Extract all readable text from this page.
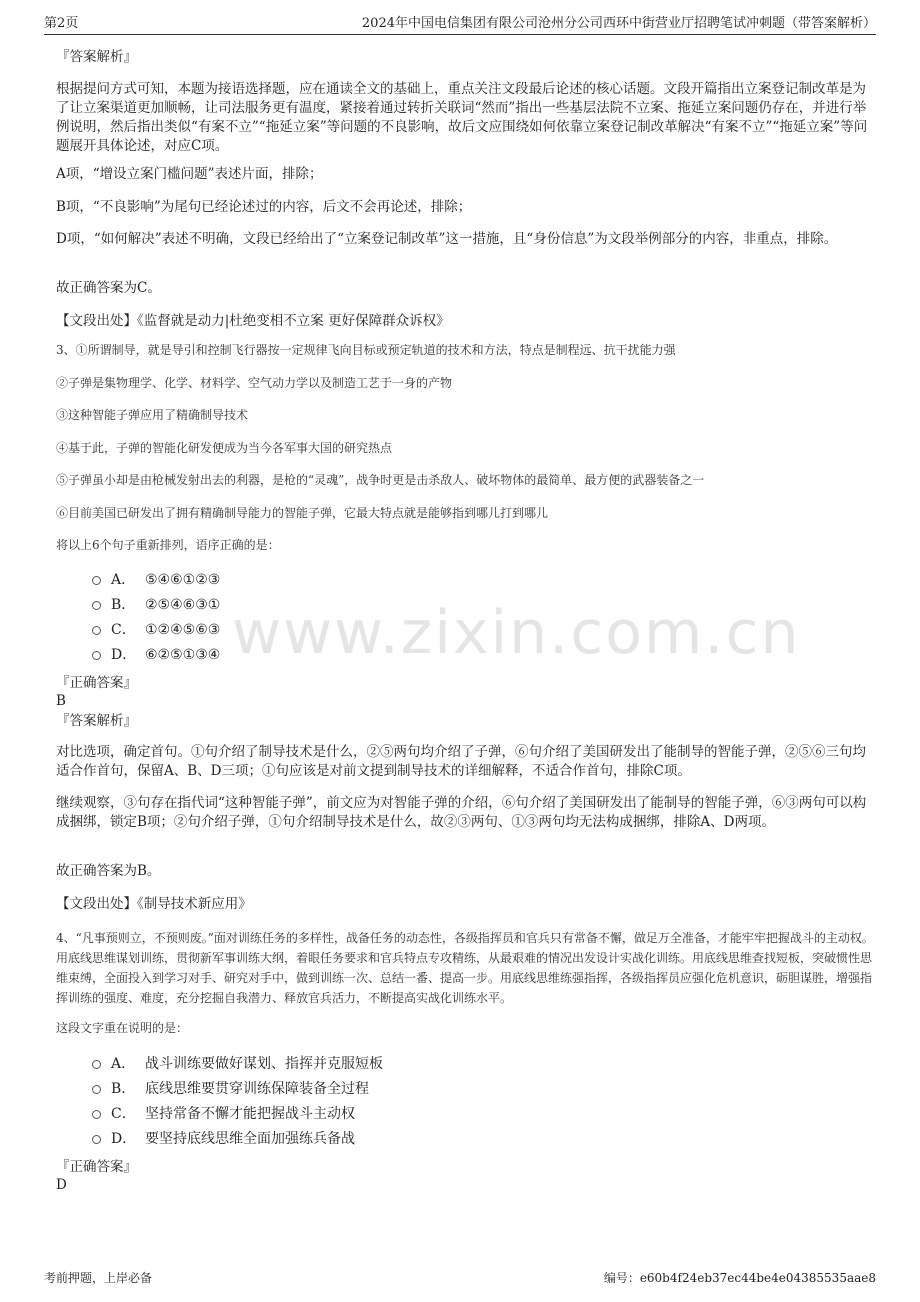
第2页	2024年中国电信集团有限公司沧州分公司西环中街营业厅招聘笔试冲刺题（带答案解析）
www.zixin.com.cn

『答案解析』

根据提问方式可知，本题为接语选择题，应在通读全文的基础上，重点关注文段最后论述的核心话题。文段开篇指出立案登记制改革是为了让立案渠道更加顺畅，让司法服务更有温度，紧接着通过转折关联词“然而”指出一些基层法院不立案、拖延立案问题仍存在，并进行举例说明，然后指出类似“有案不立”“拖延立案”等问题的不良影响，故后文应围绕如何依靠立案登记制改革解决“有案不立”“拖延立案”等问题展开具体论述，对应C项。

A项，“增设立案门槛问题”表述片面，排除；

B项，“不良影响”为尾句已经论述过的内容，后文不会再论述，排除；

D项，“如何解决”表述不明确，文段已经给出了“立案登记制改革”这一措施，且“身份信息”为文段举例部分的内容，非重点，排除。

故正确答案为C。

【文段出处】《监督就是动力|杜绝变相不立案 更好保障群众诉权》

3、①所谓制导，就是导引和控制飞行器按一定规律飞向目标或预定轨道的技术和方法，特点是制程远、抗干扰能力强

②子弹是集物理学、化学、材料学、空气动力学以及制造工艺于一身的产物

③这种智能子弹应用了精确制导技术

④基于此，子弹的智能化研发便成为当今各军事大国的研究热点

⑤子弹虽小却是由枪械发射出去的利器，是枪的“灵魂”，战争时更是击杀敌人、破坏物体的最简单、最方便的武器装备之一

⑥目前美国已研发出了拥有精确制导能力的智能子弹，它最大特点就是能够指到哪儿打到哪儿

将以上6个句子重新排列，语序正确的是：

A． ⑤④⑥①②③
B． ②⑤④⑥③①
C． ①②④⑤⑥③
D． ⑥②⑤①③④

『正确答案』

B

『答案解析』

对比选项，确定首句。①句介绍了制导技术是什么，②⑤两句均介绍了子弹，⑥句介绍了美国研发出了能制导的智能子弹，②⑤⑥三句均适合作首句，保留A、B、D三项；①句应该是对前文提到制导技术的详细解释，不适合作首句，排除C项。

继续观察，③句存在指代词“这种智能子弹”，前文应为对智能子弹的介绍，⑥句介绍了美国研发出了能制导的智能子弹，⑥③两句可以构成捆绑，锁定B项；②句介绍子弹，①句介绍制导技术是什么，故②③两句、①③两句均无法构成捆绑，排除A、D两项。

故正确答案为B。

【文段出处】《制导技术新应用》

4、“凡事预则立，不预则废。”面对训练任务的多样性，战备任务的动态性，各级指挥员和官兵只有常备不懈，做足万全准备，才能牢牢把握战斗的主动权。用底线思维谋划训练，贯彻新军事训练大纲，着眼任务要求和官兵特点专攻精练，从最艰难的情况出发设计实战化训练。用底线思维查找短板，突破惯性思维束缚，全面投入到学习对手、研究对手中，做到训练一次、总结一番、提高一步。用底线思维练强指挥，各级指挥员应强化危机意识，砺胆谋胜，增强指挥训练的强度、难度，充分挖掘自我潜力、释放官兵活力，不断提高实战化训练水平。

这段文字重在说明的是：

A． 战斗训练要做好谋划、指挥并克服短板
B． 底线思维要贯穿训练保障装备全过程
C． 坚持常备不懈才能把握战斗主动权
D． 要坚持底线思维全面加强练兵备战

『正确答案』

D

考前押题，上岸必备	编号：e60b4f24eb37ec44be4e04385535aae8
